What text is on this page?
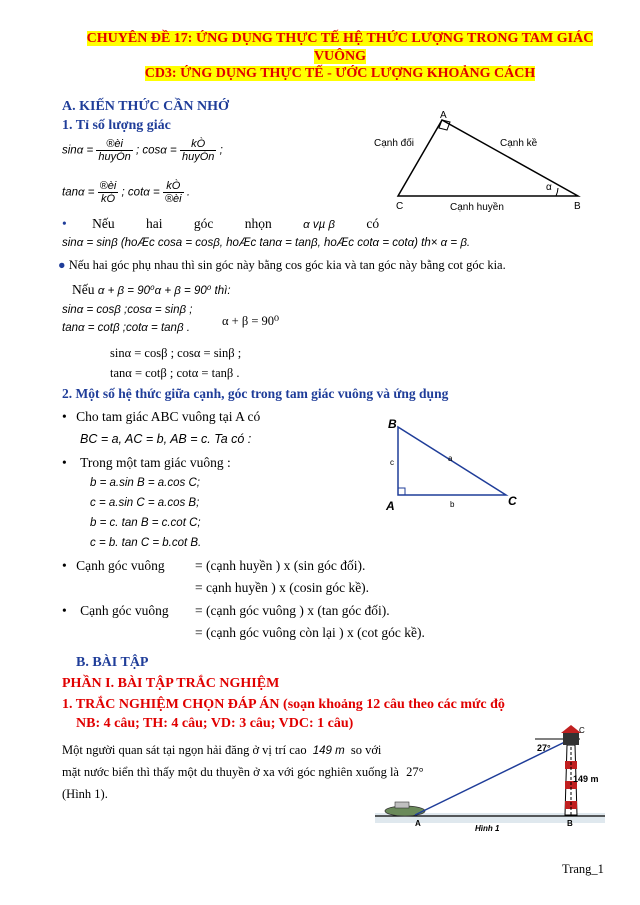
CHUYÊN ĐỀ 17: ỨNG DỤNG THỰC TẾ HỆ THỨC LƯỢNG TRONG TAM GIÁC VUÔNG
CD3: ỨNG DỤNG THỰC TẾ - ƯỚC LƯỢNG KHOẢNG CÁCH
A. KIẾN THỨC CẦN NHỚ
1. Tỉ số lượng giác
$\sin\alpha = \frac{®èi}{\text{huyÒn}}$ ; $\cos\alpha = \frac{kÒ}{\text{huyÒn}}$ ;
$\tan\alpha = \frac{®èi}{kÒ}$ ; $\cot\alpha = \frac{kÒ}{®èi}$ .
A
C	B
Cạnh đối	Cạnh kề
Cạnh huyền
α
• Nếu hai góc nhọn	α vµ β có
sinα = sinβ (hoÆc cosa = cosβ, hoÆc tanα = tanβ, hoÆc cotα = cotα) th× α = β.
● Nếu hai góc phụ nhau thì sin góc này bằng cos góc kia và tan góc này bằng cot góc kia.
Nếu α + β = 90⁰α + β = 90⁰ thì:
sinα = cosβ ;cosα = sinβ ;
tanα = cotβ ;cotα = tanβ .	α + β = 90⁰
sinα = cosβ ; cosα = sinβ ;
tanα = cotβ ; cotα = tanβ .
2. Một số hệ thức giữa cạnh, góc trong tam giác vuông và ứng dụng
• Cho tam giác ABC vuông tại A có
BC = a, AC = b, AB = c. Ta có :
• Trong một tam giác vuông :
b = a.sin B = a.cos C;
c = a.sin C = a.cos B;
b = c. tan B = c.cot C;
c = b. tan C = b.cot B.
B
A	C
a
b
c
• Cạnh góc vuông = (cạnh huyền ) x (sin góc đối).
= cạnh huyền ) x (cosin góc kề).
• Cạnh góc vuông = (cạnh góc vuông ) x (tan góc đối).
= (cạnh góc vuông còn lại ) x (cot góc kề).
B. BÀI TẬP
PHẦN I. BÀI TẬP TRẮC NGHIỆM
1. TRẮC NGHIỆM CHỌN ĐÁP ÁN (soạn khoảng 12 câu theo các mức độ
NB: 4 câu; TH: 4 câu; VD: 3 câu; VDC: 1 câu)
Một người quan sát tại ngọn hải đăng ở vị trí cao 149 m so với
mặt nước biển thì thấy một du thuyền ở xa với góc nghiên xuống là 27°
(Hình 1).
27°
149 m
C
A	B
Hình 1
Trang_1
